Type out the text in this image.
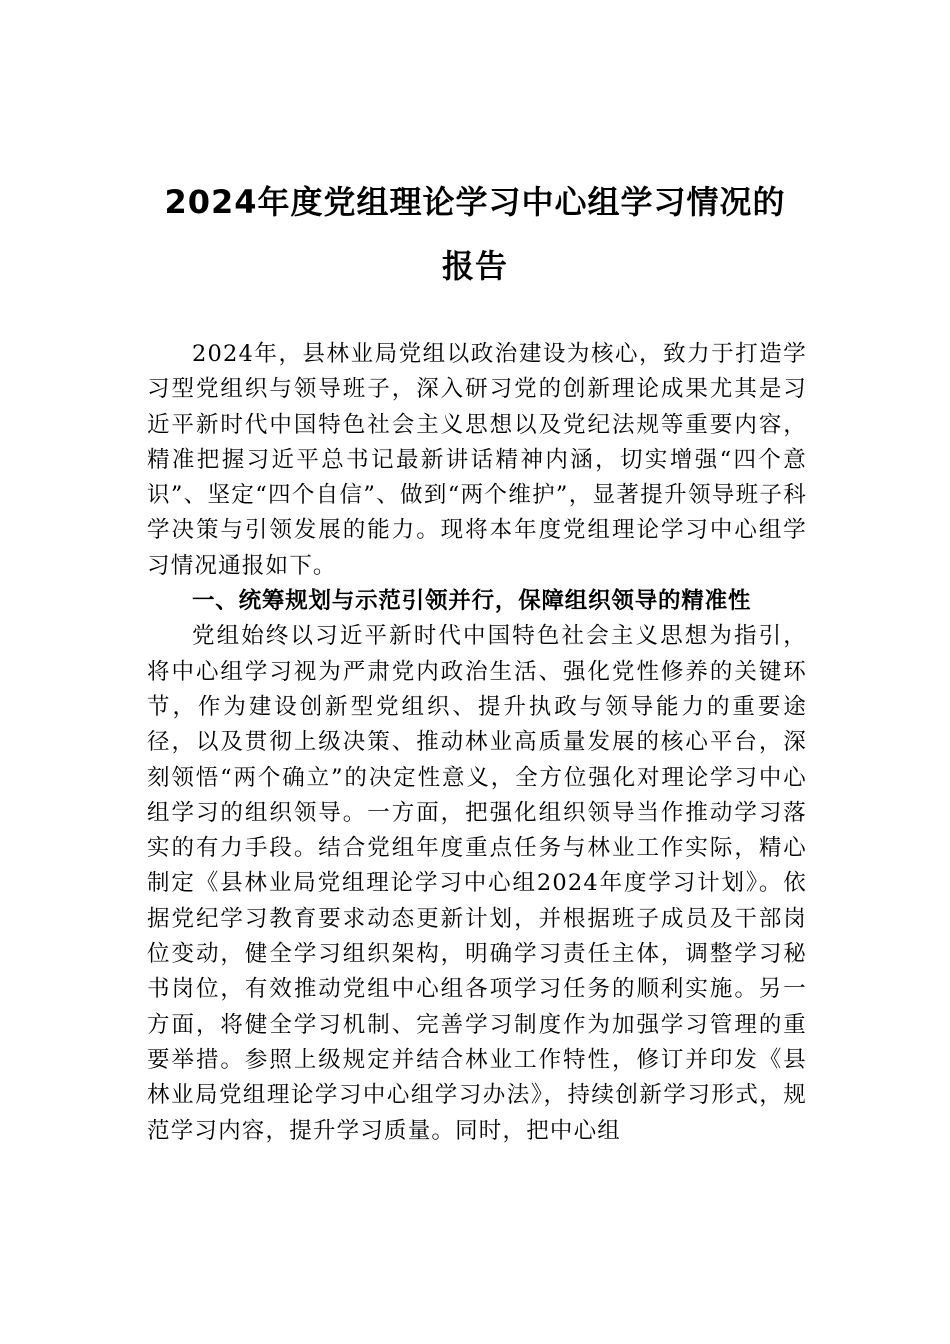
2024年度党组理论学习中心组学习情况的
报告

2024年，县林业局党组以政治建设为核心，致力于打造学习型党组织与领导班子，深入研习党的创新理论成果尤其是习近平新时代中国特色社会主义思想以及党纪法规等重要内容，精准把握习近平总书记最新讲话精神内涵，切实增强“四个意识”、坚定“四个自信”、做到“两个维护”，显著提升领导班子科学决策与引领发展的能力。现将本年度党组理论学习中心组学习情况通报如下。

一、统筹规划与示范引领并行，保障组织领导的精准性

党组始终以习近平新时代中国特色社会主义思想为指引，将中心组学习视为严肃党内政治生活、强化党性修养的关键环节，作为建设创新型党组织、提升执政与领导能力的重要途径，以及贯彻上级决策、推动林业高质量发展的核心平台，深刻领悟“两个确立”的决定性意义，全方位强化对理论学习中心组学习的组织领导。一方面，把强化组织领导当作推动学习落实的有力手段。结合党组年度重点任务与林业工作实际，精心制定《县林业局党组理论学习中心组2024年度学习计划》。依据党纪学习教育要求动态更新计划，并根据班子成员及干部岗位变动，健全学习组织架构，明确学习责任主体，调整学习秘书岗位，有效推动党组中心组各项学习任务的顺利实施。另一方面，将健全学习机制、完善学习制度作为加强学习管理的重要举措。参照上级规定并结合林业工作特性，修订并印发《县林业局党组理论学习中心组学习办法》，持续创新学习形式，规范学习内容，提升学习质量。同时，把中心组
